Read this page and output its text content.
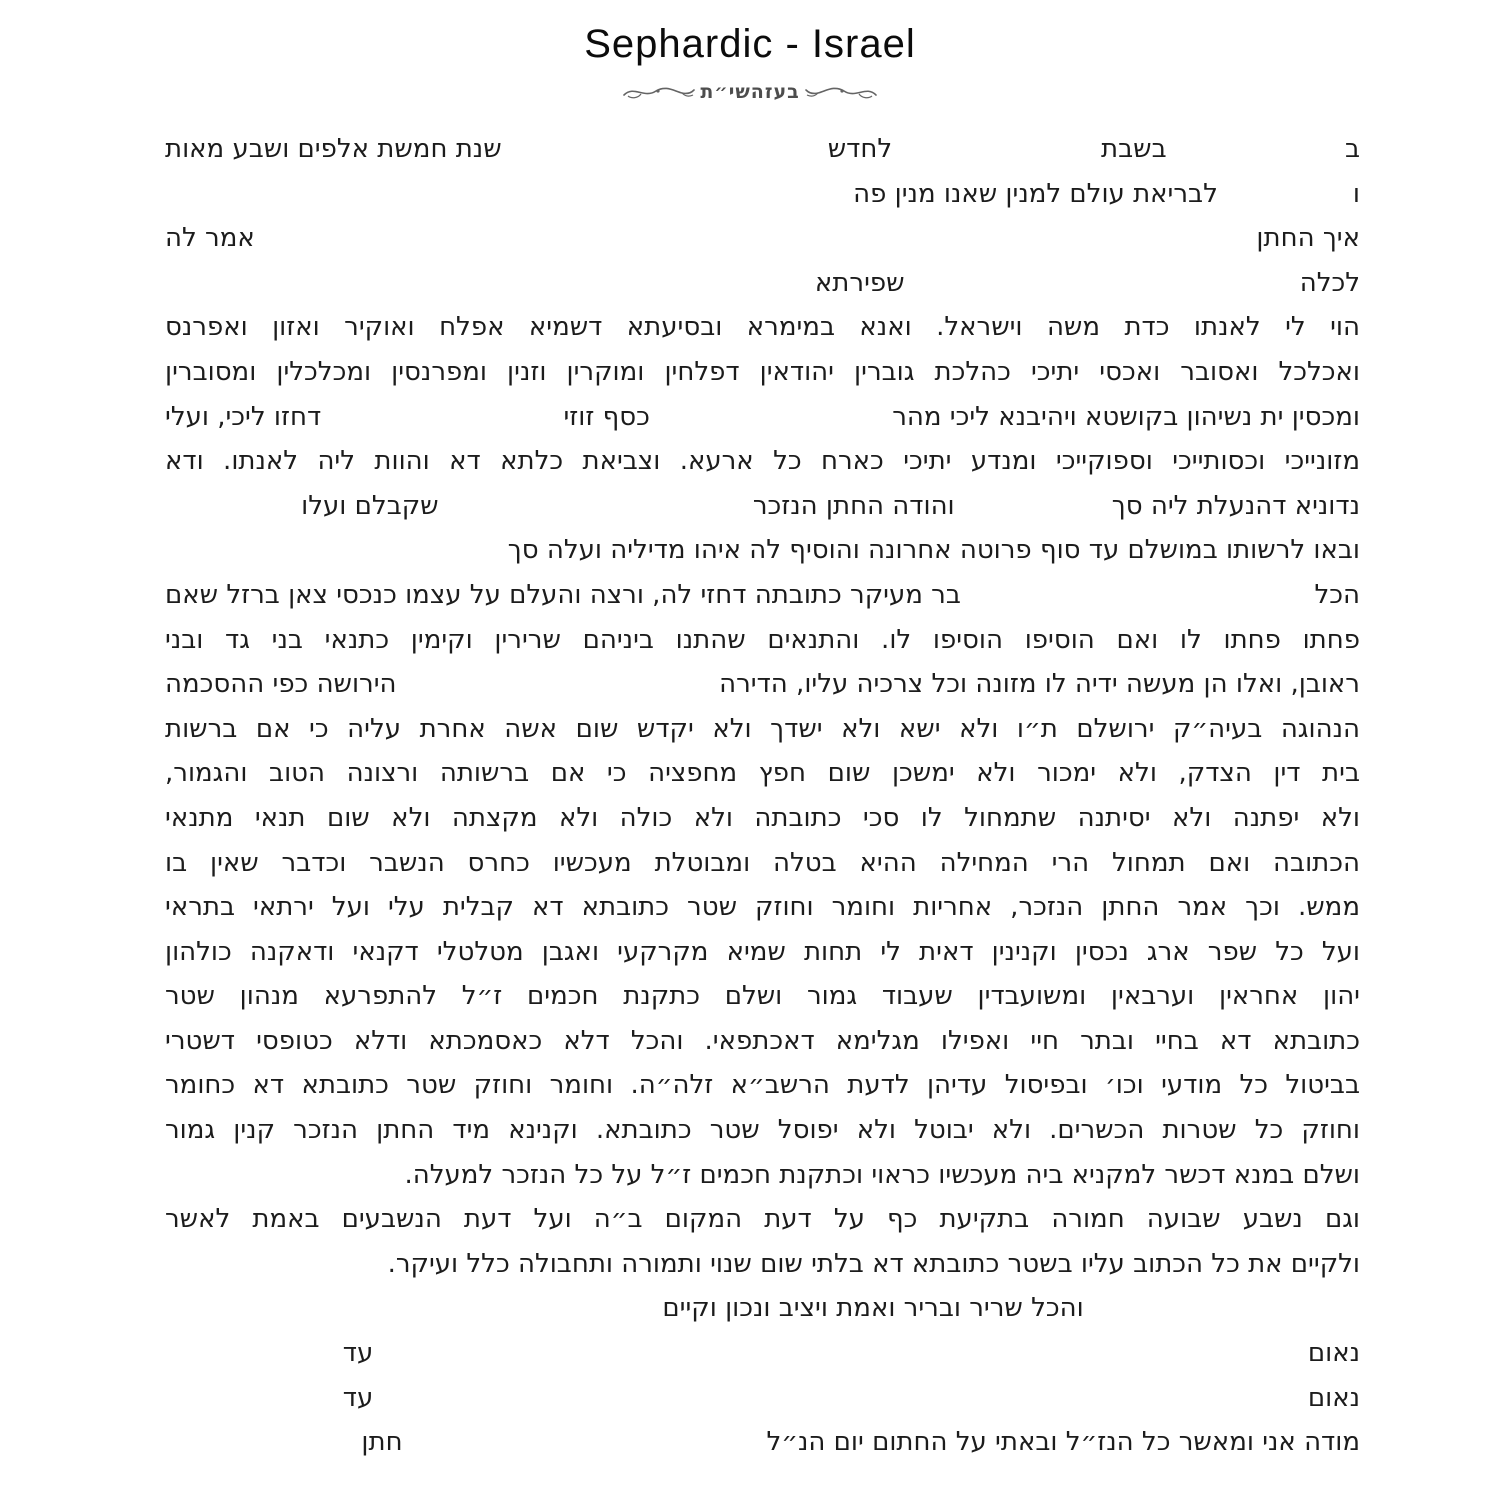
Sephardic - Israel
בעזהשי״ת
ב
בשבת
לחדש
שנת חמשת אלפים ושבע מאות
ו
לבריאת עולם למנין שאנו מנין פה
איך החתן
אמר לה
לכלה
שפירתא
הוי לי לאנתו כדת משה וישראל. ואנא במימרא ובסיעתא דשמיא אפלח ואוקיר ואזון ואפרנס
ואכלכל ואסובר ואכסי יתיכי כהלכת גוברין יהודאין דפלחין ומוקרין וזנין ומפרנסין ומכלכלין ומסוברין
ומכסין ית נשיהון בקושטא ויהיבנא ליכי מהר
כסף זוזי
דחזו ליכי, ועלי
מזונייכי וכסותייכי וספוקייכי ומנדע יתיכי כארח כל ארעא. וצביאת כלתא דא והוות ליה לאנתו. ודא
נדוניא דהנעלת ליה סך
והודה החתן הנזכר
שקבלם ועלו
ובאו לרשותו במושלם עד סוף פרוטה אחרונה והוסיף לה איהו מדיליה ועלה סך
הכל
בר מעיקר כתובתה דחזי לה, ורצה והעלם על עצמו כנכסי צאן ברזל שאם
פחתו פחתו לו ואם הוסיפו הוסיפו לו. והתנאים שהתנו ביניהם שרירין וקימין כתנאי בני גד ובני
ראובן, ואלו הן מעשה ידיה לו מזונה וכל צרכיה עליו, הדירה
הירושה כפי ההסכמה
הנהוגה בעיה״ק ירושלם ת״ו ולא ישא ולא ישדך ולא יקדש שום אשה אחרת עליה כי אם ברשות
בית דין הצדק, ולא ימכור ולא ימשכן שום חפץ מחפציה כי אם ברשותה ורצונה הטוב והגמור,
ולא יפתנה ולא יסיתנה שתמחול לו סכי כתובתה ולא כולה ולא מקצתה ולא שום תנאי מתנאי
הכתובה ואם תמחול הרי המחילה ההיא בטלה ומבוטלת מעכשיו כחרס הנשבר וכדבר שאין בו
ממש. וכך אמר החתן הנזכר, אחריות וחומר וחוזק שטר כתובתא דא קבלית עלי ועל ירתאי בתראי
ועל כל שפר ארג נכסין וקנינין דאית לי תחות שמיא מקרקעי ואגבן מטלטלי דקנאי ודאקנה כולהון
יהון אחראין וערבאין ומשועבדין שעבוד גמור ושלם כתקנת חכמים ז״ל להתפרעא מנהון שטר
כתובתא דא בחיי ובתר חיי ואפילו מגלימא דאכתפאי. והכל דלא כאסמכתא ודלא כטופסי דשטרי
בביטול כל מודעי וכו׳ ובפיסול עדיהן לדעת הרשב״א זלה״ה. וחומר וחוזק שטר כתובתא דא כחומר
וחוזק כל שטרות הכשרים. ולא יבוטל ולא יפוסל שטר כתובתא. וקנינא מיד החתן הנזכר קנין גמור
ושלם במנא דכשר למקניא ביה מעכשיו כראוי וכתקנת חכמים ז״ל על כל הנזכר למעלה.
וגם נשבע שבועה חמורה בתקיעת כף על דעת המקום ב״ה ועל דעת הנשבעים באמת לאשר
ולקיים את כל הכתוב עליו בשטר כתובתא דא בלתי שום שנוי ותמורה ותחבולה כלל ועיקר.
והכל שריר ובריר ואמת ויציב ונכון וקיים
נאום
עד
נאום
עד
מודה אני ומאשר כל הנז״ל ובאתי על החתום יום הנ״ל
חתן
